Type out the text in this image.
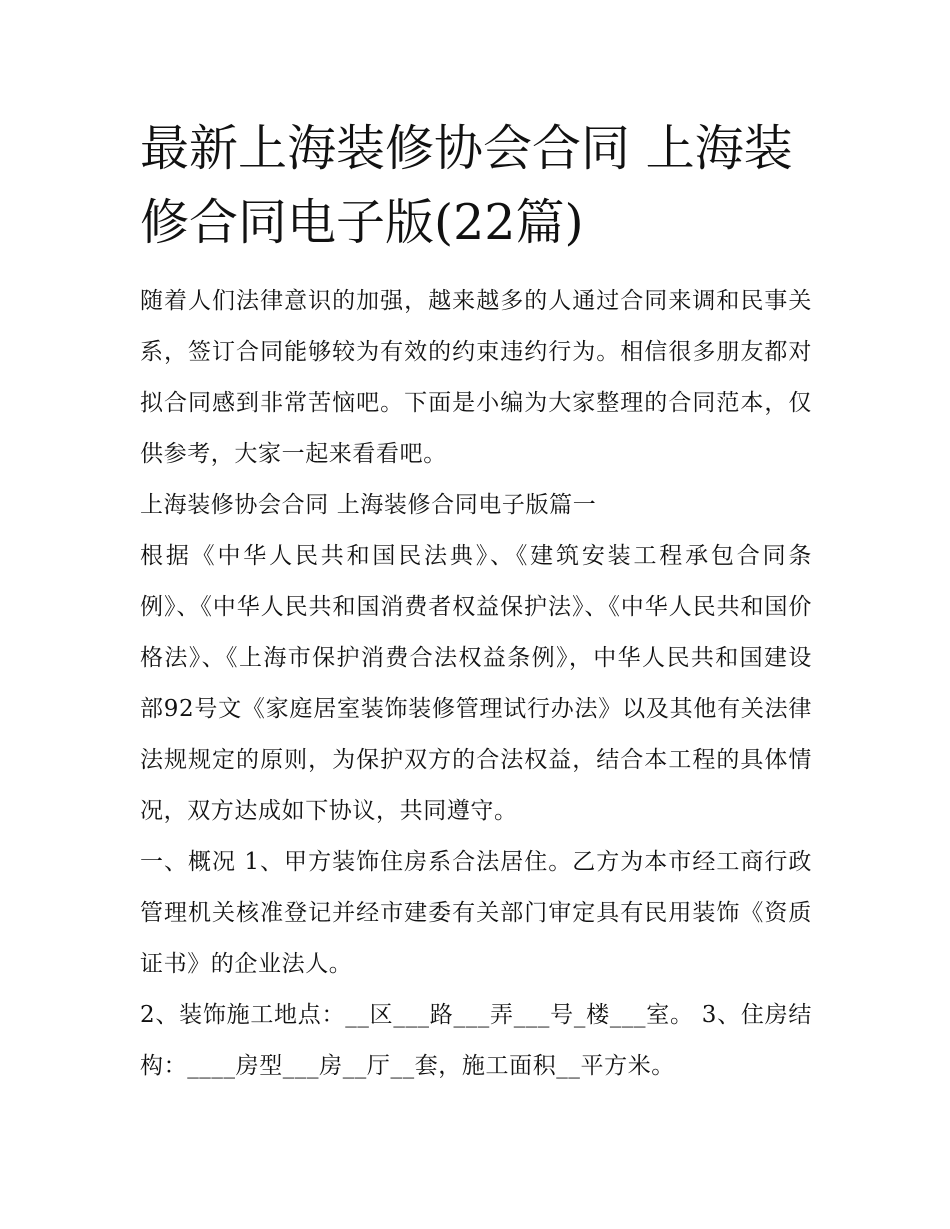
最新上海装修协会合同 上海装修合同电子版(22篇)

随着人们法律意识的加强，越来越多的人通过合同来调和民事关系，签订合同能够较为有效的约束违约行为。相信很多朋友都对拟合同感到非常苦恼吧。下面是小编为大家整理的合同范本，仅供参考，大家一起来看看吧。

上海装修协会合同 上海装修合同电子版篇一

根据《中华人民共和国民法典》、《建筑安装工程承包合同条例》、《中华人民共和国消费者权益保护法》、《中华人民共和国价格法》、《上海市保护消费合法权益条例》，中华人民共和国建设部92号文《家庭居室装饰装修管理试行办法》以及其他有关法律法规规定的原则，为保护双方的合法权益，结合本工程的具体情况，双方达成如下协议，共同遵守。

一、概况 1、甲方装饰住房系合法居住。乙方为本市经工商行政管理机关核准登记并经市建委有关部门审定具有民用装饰《资质证书》的企业法人。

2、装饰施工地点：__区___路___弄___号_楼___室。 3、住房结构：____房型___房__厅__套，施工面积__平方米。
